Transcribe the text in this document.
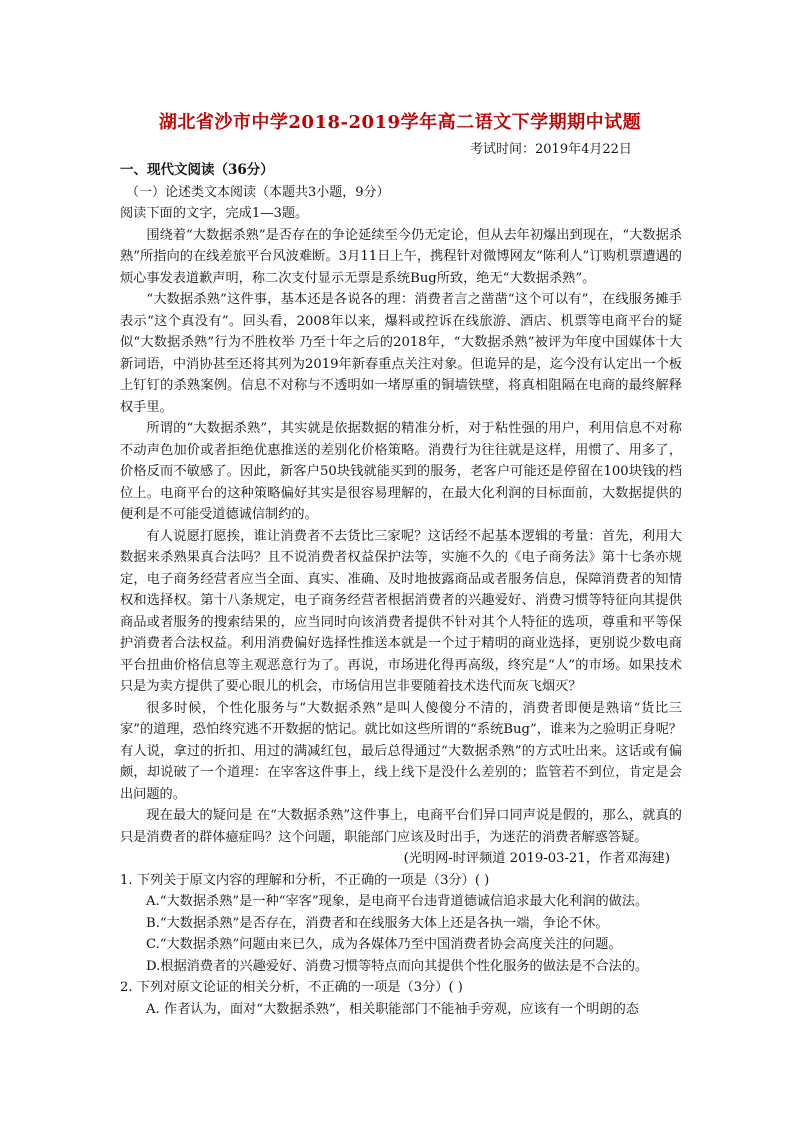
湖北省沙市中学2018-2019学年高二语文下学期期中试题
考试时间：2019年4月22日
一、现代文阅读（36分）
（一）论述类文本阅读（本题共3小题，9分）

阅读下面的文字，完成1—3题。

围绕着“大数据杀熟”是否存在的争论延续至今仍无定论，但从去年初爆出到现在，“大数据杀熟”所指向的在线差旅平台风波难断。3月11日上午，携程针对微博网友“陈利人”订购机票遭遇的烦心事发表道歉声明，称二次支付显示无票是系统Bug所致，绝无“大数据杀熟”。

“大数据杀熟”这件事，基本还是各说各的理：消费者言之凿凿“这个可以有”，在线服务摊手表示“这个真没有”。回头看，2008年以来，爆料或控诉在线旅游、酒店、机票等电商平台的疑似“大数据杀熟”行为不胜枚举 乃至十年之后的2018年，“大数据杀熟”被评为年度中国媒体十大新词语，中消协甚至还将其列为2019年新春重点关注对象。但诡异的是，迄今没有认定出一个板上钉钉的杀熟案例。信息不对称与不透明如一堵厚重的铜墙铁壁，将真相阻隔在电商的最终解释权手里。

所谓的“大数据杀熟”，其实就是依据数据的精准分析，对于粘性强的用户，利用信息不对称不动声色加价或者拒绝优惠推送的差别化价格策略。消费行为往往就是这样，用惯了、用多了，价格反而不敏感了。因此，新客户50块钱就能买到的服务，老客户可能还是停留在100块钱的档位上。电商平台的这种策略偏好其实是很容易理解的，在最大化利润的目标面前，大数据提供的便利是不可能受道德诚信制约的。

有人说愿打愿挨，谁让消费者不去货比三家呢？这话经不起基本逻辑的考量：首先，利用大数据来杀熟果真合法吗？且不说消费者权益保护法等，实施不久的《电子商务法》第十七条亦规定，电子商务经营者应当全面、真实、准确、及时地披露商品或者服务信息，保障消费者的知情权和选择权。第十八条规定，电子商务经营者根据消费者的兴趣爱好、消费习惯等特征向其提供商品或者服务的搜索结果的，应当同时向该消费者提供不针对其个人特征的选项，尊重和平等保护消费者合法权益。利用消费偏好选择性推送本就是一个过于精明的商业选择，更别说少数电商平台扭曲价格信息等主观恶意行为了。再说，市场进化得再高级，终究是“人”的市场。如果技术只是为卖方提供了要心眼儿的机会，市场信用岂非要随着技术迭代而灰飞烟灭？

很多时候，个性化服务与“大数据杀熟”是叫人傻傻分不清的，消费者即便是熟谙“货比三家”的道理，恐怕终究逃不开数据的惦记。就比如这些所谓的“系统Bug”，谁来为之验明正身呢？有人说，拿过的折扣、用过的满减红包，最后总得通过“大数据杀熟”的方式吐出来。这话或有偏颇，却说破了一个道理：在宰客这件事上，线上线下是没什么差别的；监管若不到位，肯定是会出问题的。

现在最大的疑问是 在“大数据杀熟”这件事上，电商平台们异口同声说是假的，那么，就真的只是消费者的群体癔症吗？这个问题，职能部门应该及时出手，为迷茫的消费者解惑答疑。

(光明网-时评频道 2019-03-21，作者邓海建)

1. 下列关于原文内容的理解和分析，不正确的一项是（3分）( )

A.“大数据杀熟”是一种“宰客”现象，是电商平台违背道德诚信追求最大化利润的做法。

B.“大数据杀熟”是否存在，消费者和在线服务大体上还是各执一端，争论不休。

C.“大数据杀熟”问题由来已久，成为各媒体乃至中国消费者协会高度关注的问题。

D.根据消费者的兴趣爱好、消费习惯等特点而向其提供个性化服务的做法是不合法的。

2. 下列对原文论证的相关分析，不正确的一项是（3分）( )

A. 作者认为，面对“大数据杀熟”，相关职能部门不能袖手旁观，应该有一个明朗的态
